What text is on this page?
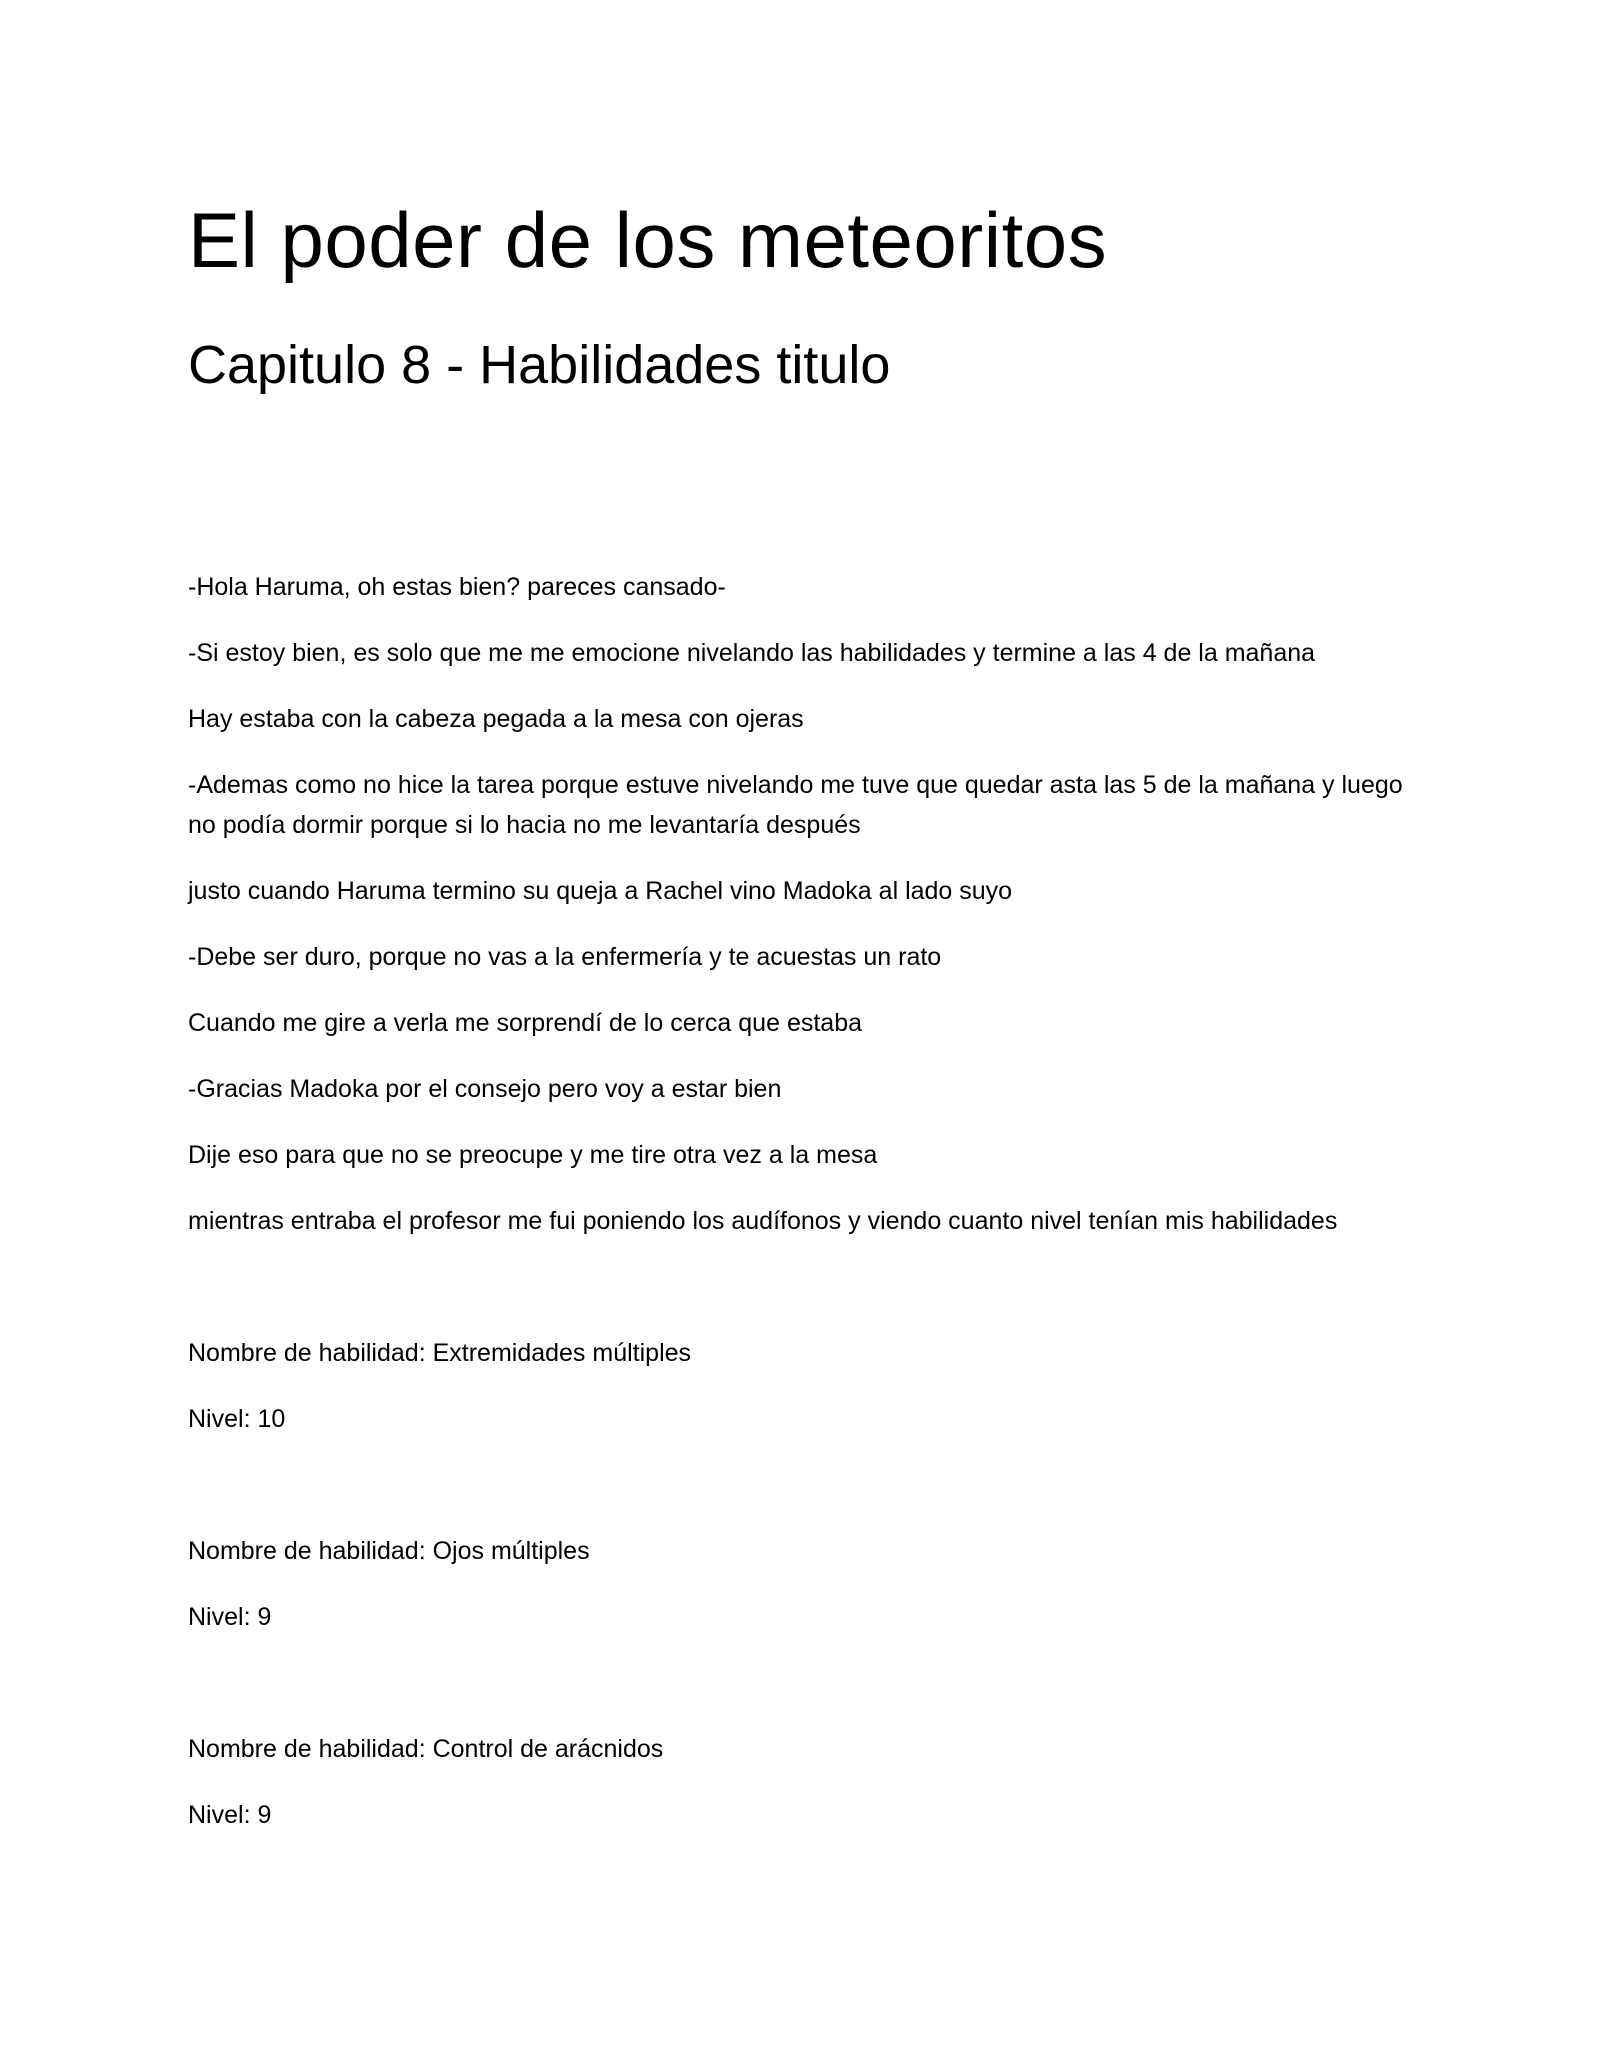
El poder de los meteoritos
Capitulo 8 - Habilidades titulo

-Hola Haruma, oh estas bien? pareces cansado-

-Si estoy bien, es solo que me me emocione nivelando las habilidades y termine a las 4 de la mañana

Hay estaba con la cabeza pegada a la mesa con ojeras

-Ademas como no hice la tarea porque estuve nivelando me tuve que quedar asta las 5 de la mañana y luego no podía dormir porque si lo hacia no me levantaría después

justo cuando Haruma termino su queja a Rachel vino Madoka al lado suyo

-Debe ser duro, porque no vas a la enfermería y te acuestas un rato

Cuando me gire a verla me sorprendí de lo cerca que estaba

-Gracias Madoka por el consejo pero voy a estar bien

Dije eso para que no se preocupe y me tire otra vez a la mesa

mientras entraba el profesor me fui poniendo los audífonos y viendo cuanto nivel tenían mis habilidades

Nombre de habilidad: Extremidades múltiples

Nivel: 10

Nombre de habilidad: Ojos múltiples

Nivel: 9

Nombre de habilidad: Control de arácnidos

Nivel: 9
